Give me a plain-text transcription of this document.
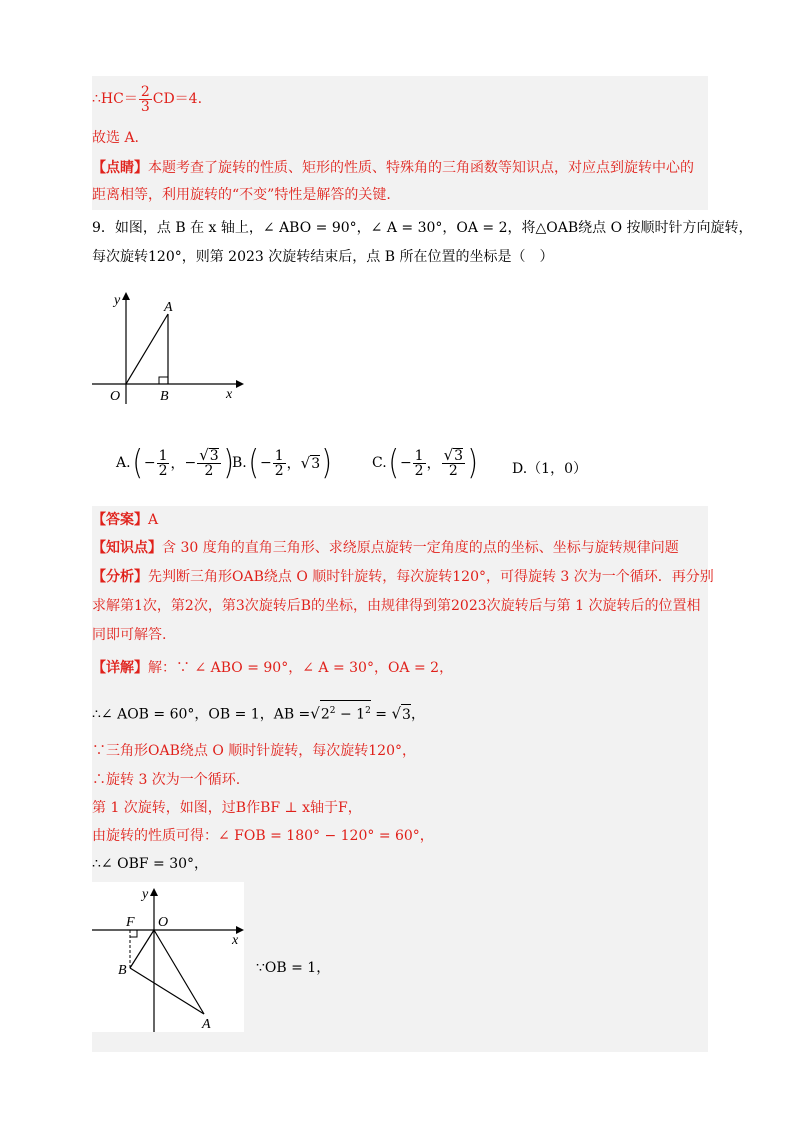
∴HC＝ $\frac{2}{3} CD=4$.
故选 A.
【点睛】本题考查了旋转的性质、矩形的性质、特殊角的三角函数等知识点，对应点到旋转中心的
距离相等，利用旋转的“不变”特性是解答的关键.
9．如图，点 B 在 x 轴上，∠ ABO = 90°，∠ A = 30°，OA = 2，将△OAB绕点 O 按顺时针方向旋转，
每次旋转120°，则第 2023 次旋转结束后，点 B 所在位置的坐标是（　）
y
x
O
A
B
A. ( − $\frac{1}{2}$ ， − $\frac{√3}{2}$ )
B. ( − $\frac{1}{2}$ ， √ 3 )	C. ( − $\frac{1}{2}$ ， $\frac{√3}{2}$ ) D.（1，0）
【答案】A
【知识点】含 30 度角的直角三角形、求绕原点旋转一定角度的点的坐标、坐标与旋转规律问题
【分析】先判断三角形OAB绕点 O 顺时针旋转，每次旋转120°，可得旋转 3 次为一个循环．再分别
求解第1次，第2次，第3次旋转后B的坐标，由规律得到第2023次旋转后与第 1 次旋转后的位置相
同即可解答.
【详解】解：∵ ∠ ABO = 90°，∠ A = 30°，OA = 2，
∴∠ AOB = 60°，OB = 1，AB $=√2^2 - 1^2 = √3$，
∵三角形OAB绕点 O 顺时针旋转，每次旋转120°，
∴旋转 3 次为一个循环.
第 1 次旋转，如图，过B作BF ⊥ x轴于F，
由旋转的性质可得：∠ FOB = 180° − 120° = 60°，
∴∠ OBF = 30°，
y
x
O
F
B
A
∵OB = 1，
